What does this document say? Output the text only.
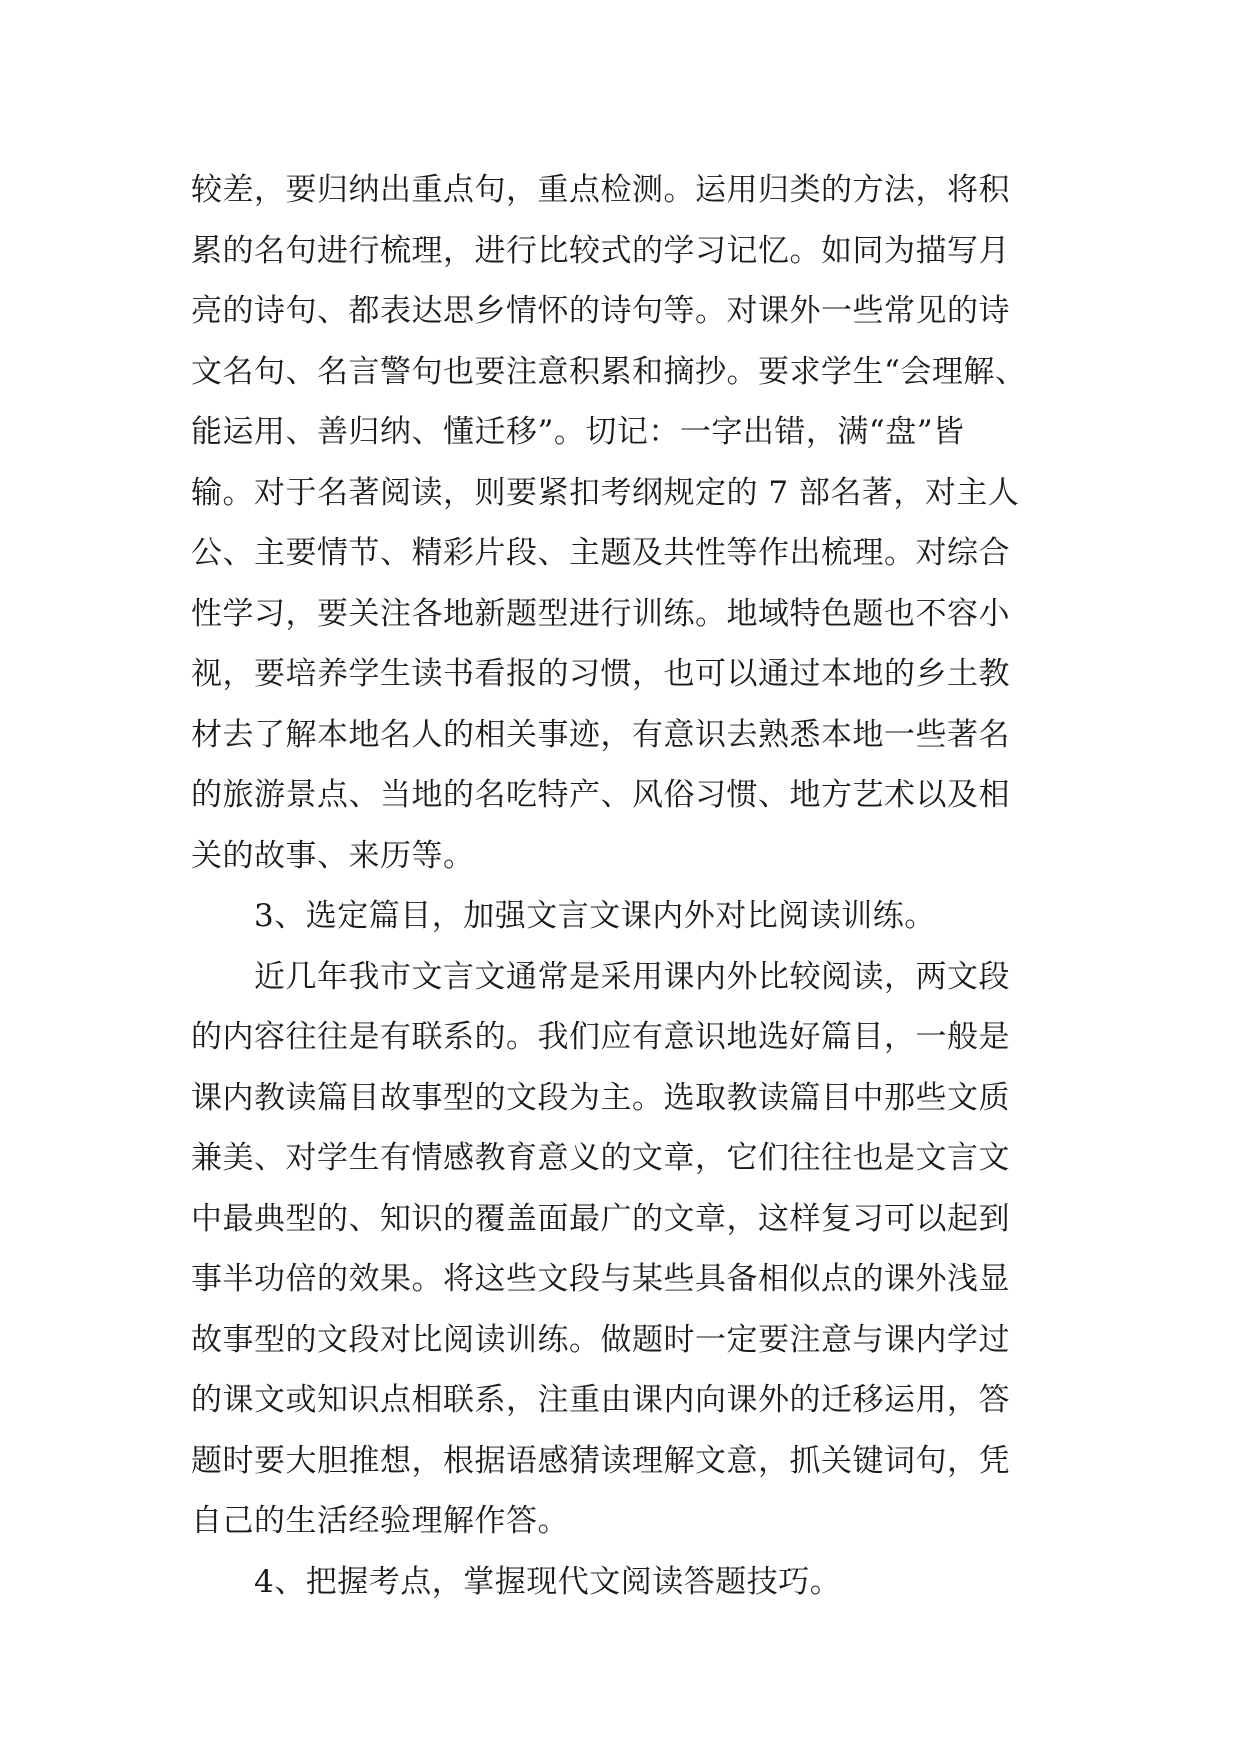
较差，要归纳出重点句，重点检测。运用归类的方法，将积
累的名句进行梳理，进行比较式的学习记忆。如同为描写月
亮的诗句、都表达思乡情怀的诗句等。对课外一些常见的诗
文名句、名言警句也要注意积累和摘抄。要求学生“会理解、
能运用、善归纳、懂迁移”。切记：一字出错，满“盘”皆
输。对于名著阅读，则要紧扣考纲规定的 7 部名著，对主人
公、主要情节、精彩片段、主题及共性等作出梳理。对综合
性学习，要关注各地新题型进行训练。地域特色题也不容小
视，要培养学生读书看报的习惯，也可以通过本地的乡土教
材去了解本地名人的相关事迹，有意识去熟悉本地一些著名
的旅游景点、当地的名吃特产、风俗习惯、地方艺术以及相
关的故事、来历等。

　　3、选定篇目，加强文言文课内外对比阅读训练。

　　近几年我市文言文通常是采用课内外比较阅读，两文段
的内容往往是有联系的。我们应有意识地选好篇目，一般是
课内教读篇目故事型的文段为主。选取教读篇目中那些文质
兼美、对学生有情感教育意义的文章，它们往往也是文言文
中最典型的、知识的覆盖面最广的文章，这样复习可以起到
事半功倍的效果。将这些文段与某些具备相似点的课外浅显
故事型的文段对比阅读训练。做题时一定要注意与课内学过
的课文或知识点相联系，注重由课内向课外的迁移运用，答
题时要大胆推想，根据语感猜读理解文意，抓关键词句，凭
自己的生活经验理解作答。

　　4、把握考点，掌握现代文阅读答题技巧。
